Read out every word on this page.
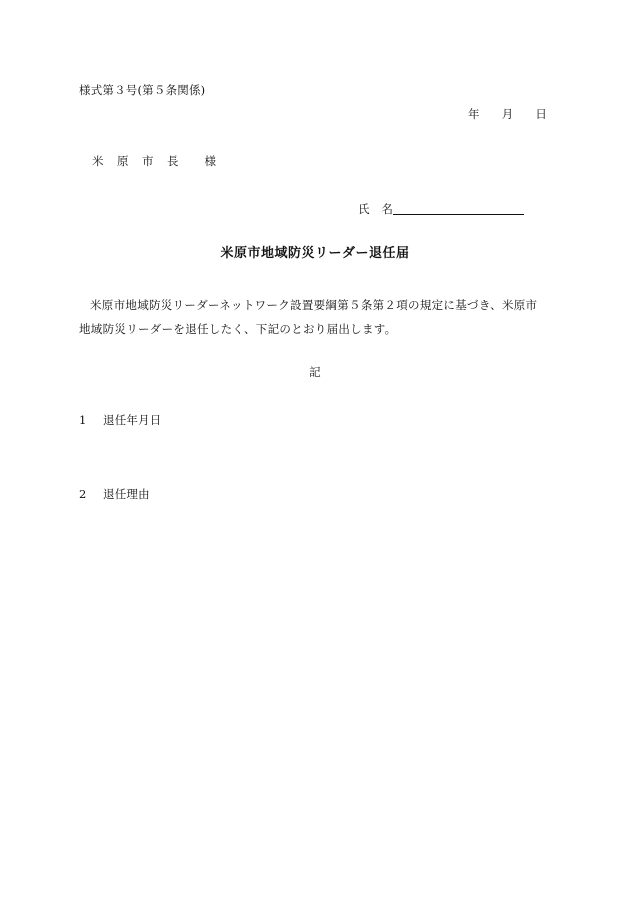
様式第３号(第５条関係)
年 月 日
米　原　市　長　　様
氏　名
米原市地域防災リーダー退任届
米原市地域防災リーダーネットワーク設置要綱第５条第２項の規定に基づき、米原市地域防災リーダーを退任したく、下記のとおり届出します。
記
1 退任年月日
2 退任理由
